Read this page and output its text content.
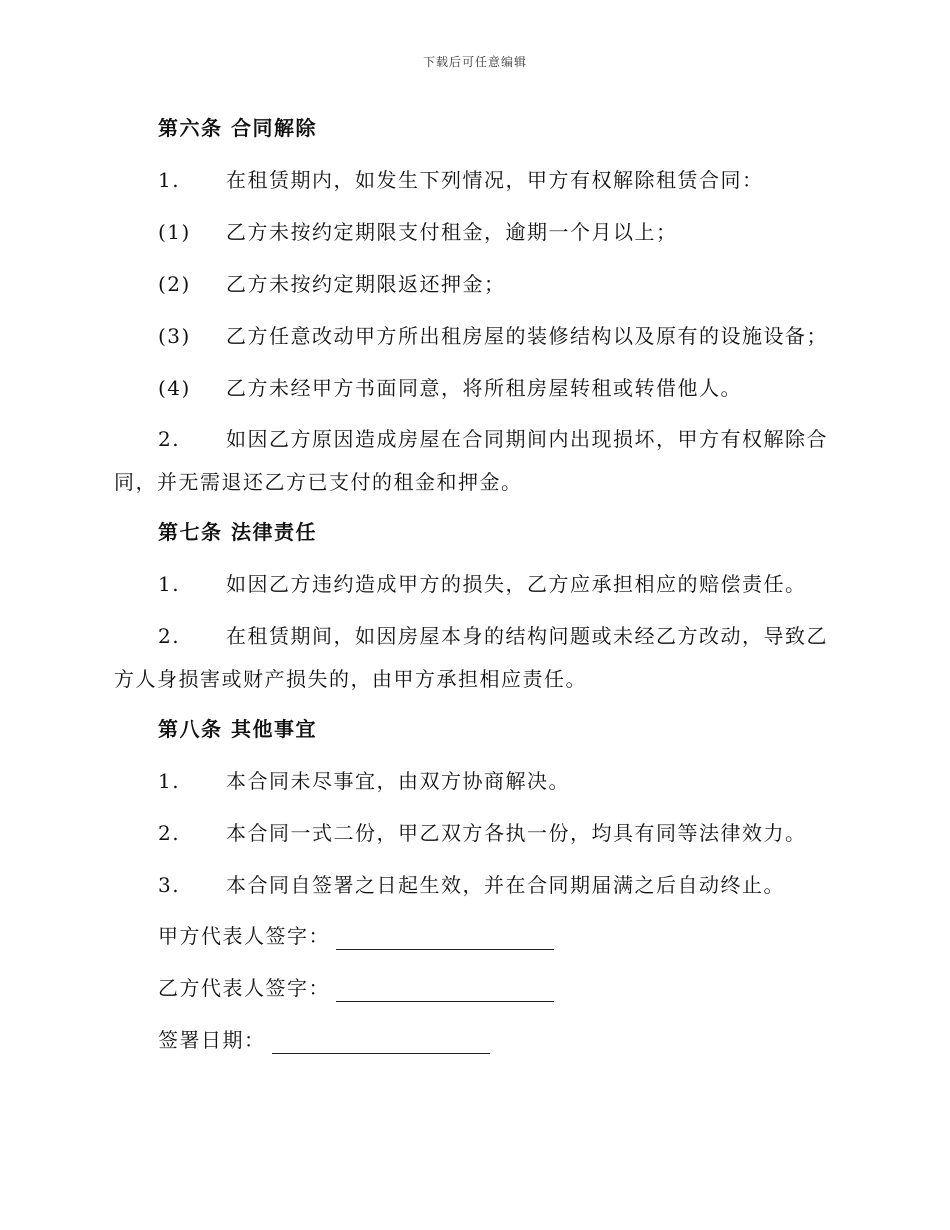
下载后可任意编辑
第六条 合同解除
1. 在租赁期内，如发生下列情况，甲方有权解除租赁合同：
(1) 乙方未按约定期限支付租金，逾期一个月以上；
(2) 乙方未按约定期限返还押金；
(3) 乙方任意改动甲方所出租房屋的装修结构以及原有的设施设备；
(4) 乙方未经甲方书面同意，将所租房屋转租或转借他人。
2. 如因乙方原因造成房屋在合同期间内出现损坏，甲方有权解除合
同，并无需退还乙方已支付的租金和押金。
第七条 法律责任
1. 如因乙方违约造成甲方的损失，乙方应承担相应的赔偿责任。
2. 在租赁期间，如因房屋本身的结构问题或未经乙方改动，导致乙
方人身损害或财产损失的，由甲方承担相应责任。
第八条 其他事宜
1. 本合同未尽事宜，由双方协商解决。
2. 本合同一式二份，甲乙双方各执一份，均具有同等法律效力。
3. 本合同自签署之日起生效，并在合同期届满之后自动终止。
甲方代表人签字：
乙方代表人签字：
签署日期：
